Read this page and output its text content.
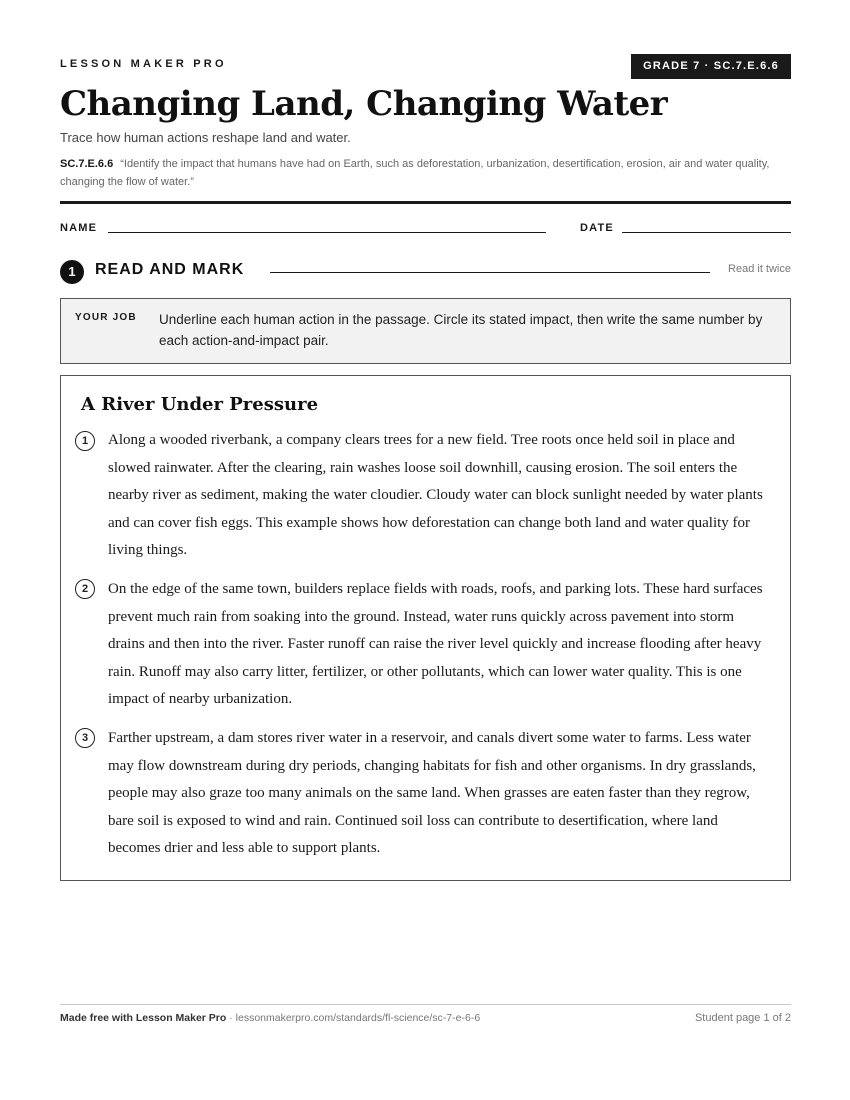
LESSON MAKER PRO	GRADE 7 · SC.7.E.6.6
Changing Land, Changing Water
Trace how human actions reshape land and water.
SC.7.E.6.6 “Identify the impact that humans have had on Earth, such as deforestation, urbanization, desertification, erosion, air and water quality, changing the flow of water.”
NAME	DATE
1	READ AND MARK	Read it twice
YOUR JOB Underline each human action in the passage. Circle its stated impact, then write the same number by each action-and-impact pair.
A River Under Pressure
1	Along a wooded riverbank, a company clears trees for a new field. Tree roots once held soil in place and slowed rainwater. After the clearing, rain washes loose soil downhill, causing erosion. The soil enters the nearby river as sediment, making the water cloudier. Cloudy water can block sunlight needed by water plants and can cover fish eggs. This example shows how deforestation can change both land and water quality for living things.
2	On the edge of the same town, builders replace fields with roads, roofs, and parking lots. These hard surfaces prevent much rain from soaking into the ground. Instead, water runs quickly across pavement into storm drains and then into the river. Faster runoff can raise the river level quickly and increase flooding after heavy rain. Runoff may also carry litter, fertilizer, or other pollutants, which can lower water quality. This is one impact of nearby urbanization.
3	Farther upstream, a dam stores river water in a reservoir, and canals divert some water to farms. Less water may flow downstream during dry periods, changing habitats for fish and other organisms. In dry grasslands, people may also graze too many animals on the same land. When grasses are eaten faster than they regrow, bare soil is exposed to wind and rain. Continued soil loss can contribute to desertification, where land becomes drier and less able to support plants.
Made free with Lesson Maker Pro · lessonmakerpro.com/standards/fl-science/sc-7-e-6-6	Student page 1 of 2
